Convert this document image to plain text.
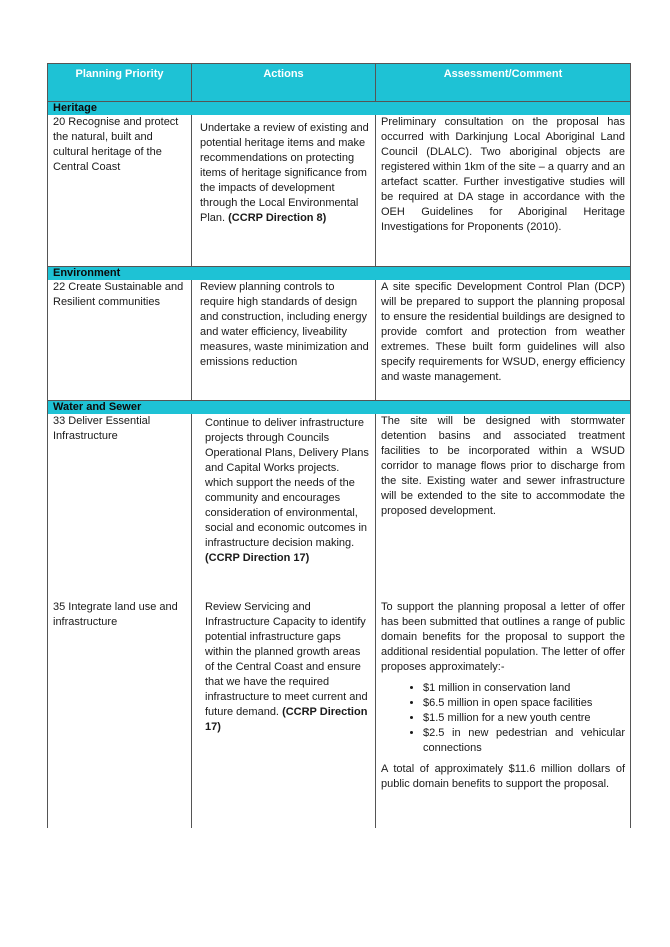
Planning Priority	Actions	Assessment/Comment
Heritage
20 Recognise and protect the natural, built and cultural heritage of the Central Coast
Undertake a review of existing and potential heritage items and make recommendations on protecting items of heritage significance from the impacts of development through the Local Environmental Plan. (CCRP Direction 8)
Preliminary consultation on the proposal has occurred with Darkinjung Local Aboriginal Land Council (DLALC). Two aboriginal objects are registered within 1km of the site – a quarry and an artefact scatter. Further investigative studies will be required at DA stage in accordance with the OEH Guidelines for Aboriginal Heritage Investigations for Proponents (2010).
Environment
22 Create Sustainable and Resilient communities
Review planning controls to require high standards of design and construction, including energy and water efficiency, liveability measures, waste minimization and emissions reduction
A site specific Development Control Plan (DCP) will be prepared to support the planning proposal to ensure the residential buildings are designed to provide comfort and protection from weather extremes. These built form guidelines will also specify requirements for WSUD, energy efficiency and waste management.
Water and Sewer
33 Deliver Essential Infrastructure
Continue to deliver infrastructure projects through Councils Operational Plans, Delivery Plans and Capital Works projects. which support the needs of the community and encourages consideration of environmental, social and economic outcomes in infrastructure decision making. (CCRP Direction 17)
The site will be designed with stormwater detention basins and associated treatment facilities to be incorporated within a WSUD corridor to manage flows prior to discharge from the site. Existing water and sewer infrastructure will be extended to the site to accommodate the proposed development.
35 Integrate land use and infrastructure
Review Servicing and Infrastructure Capacity to identify potential infrastructure gaps within the planned growth areas of the Central Coast and ensure that we have the required infrastructure to meet current and future demand. (CCRP Direction 17)

To support the planning proposal a letter of offer has been submitted that outlines a range of public domain benefits for the proposal to support the additional residential population. The letter of offer proposes approximately:-

• $1 million in conservation land
• $6.5 million in open space facilities
• $1.5 million for a new youth centre
• $2.5 in new pedestrian and vehicular connections

A total of approximately $11.6 million dollars of public domain benefits to support the proposal.
